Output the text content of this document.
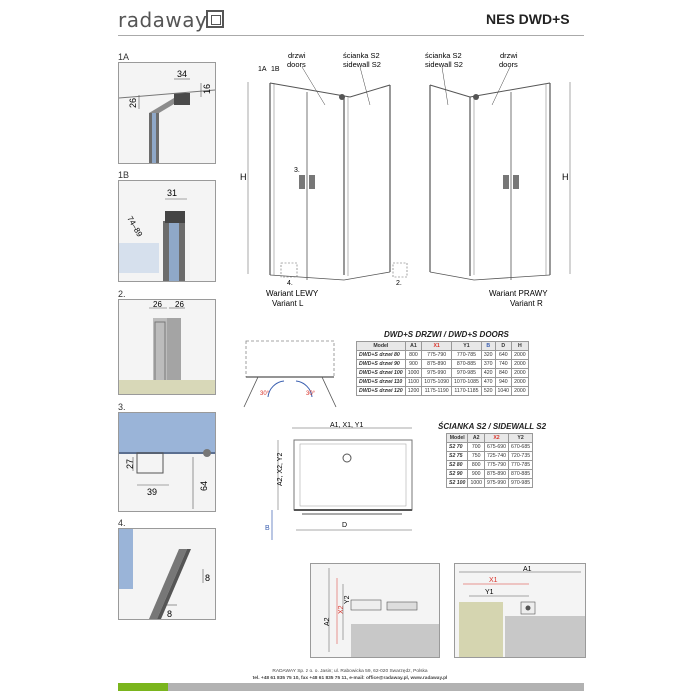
radaway	NES DWD+S
1A
34
26
16
1B
31
74–89
2.
26 26
3.
27
39
64
4.
8
8
H
1A 1B
drzwi
doors
ścianka S2
sidewall S2
3.
4.	2.
Wariant LEWY
Variant L
H
ścianka S2
sidewall S2
drzwi
doors
Wariant PRAWY
Variant R
30°	30°
DWD+S DRZWI / DWD+S DOORS
Model	A1	X1	Y1	B	D	H
DWD+S drzwi 80	800	775-790	770-785	320	640	2000
DWD+S drzwi 90	900	875-890	870-885	370	740	2000
DWD+S drzwi 100	1000	975-990	970-985	420	840	2000
DWD+S drzwi 110	1100	1075-1090	1070-1085	470	940	2000
DWD+S drzwi 120	1200	1175-1190	1170-1185	520	1040	2000
ŚCIANKA S2 / SIDEWALL S2
Model	A2	X2	Y2
S2 70	700	675-690	670-685
S2 75	750	725-740	720-735
S2 80	800	775-790	770-785
S2 90	900	875-890	870-885
S2 100	1000	975-990	970-985
A1, X1, Y1
A2, X2, Y2
B	D
A2
X2
Y2
A1
X1
Y1
RADAWAY Sp. z o. o. Jasin; ul. Rabowicka 59, 62-020 Swarzędz, Polska
tel. +48 61 835 75 10, fax +48 61 835 75 11, e-mail: office@radaway.pl, www.radaway.pl
